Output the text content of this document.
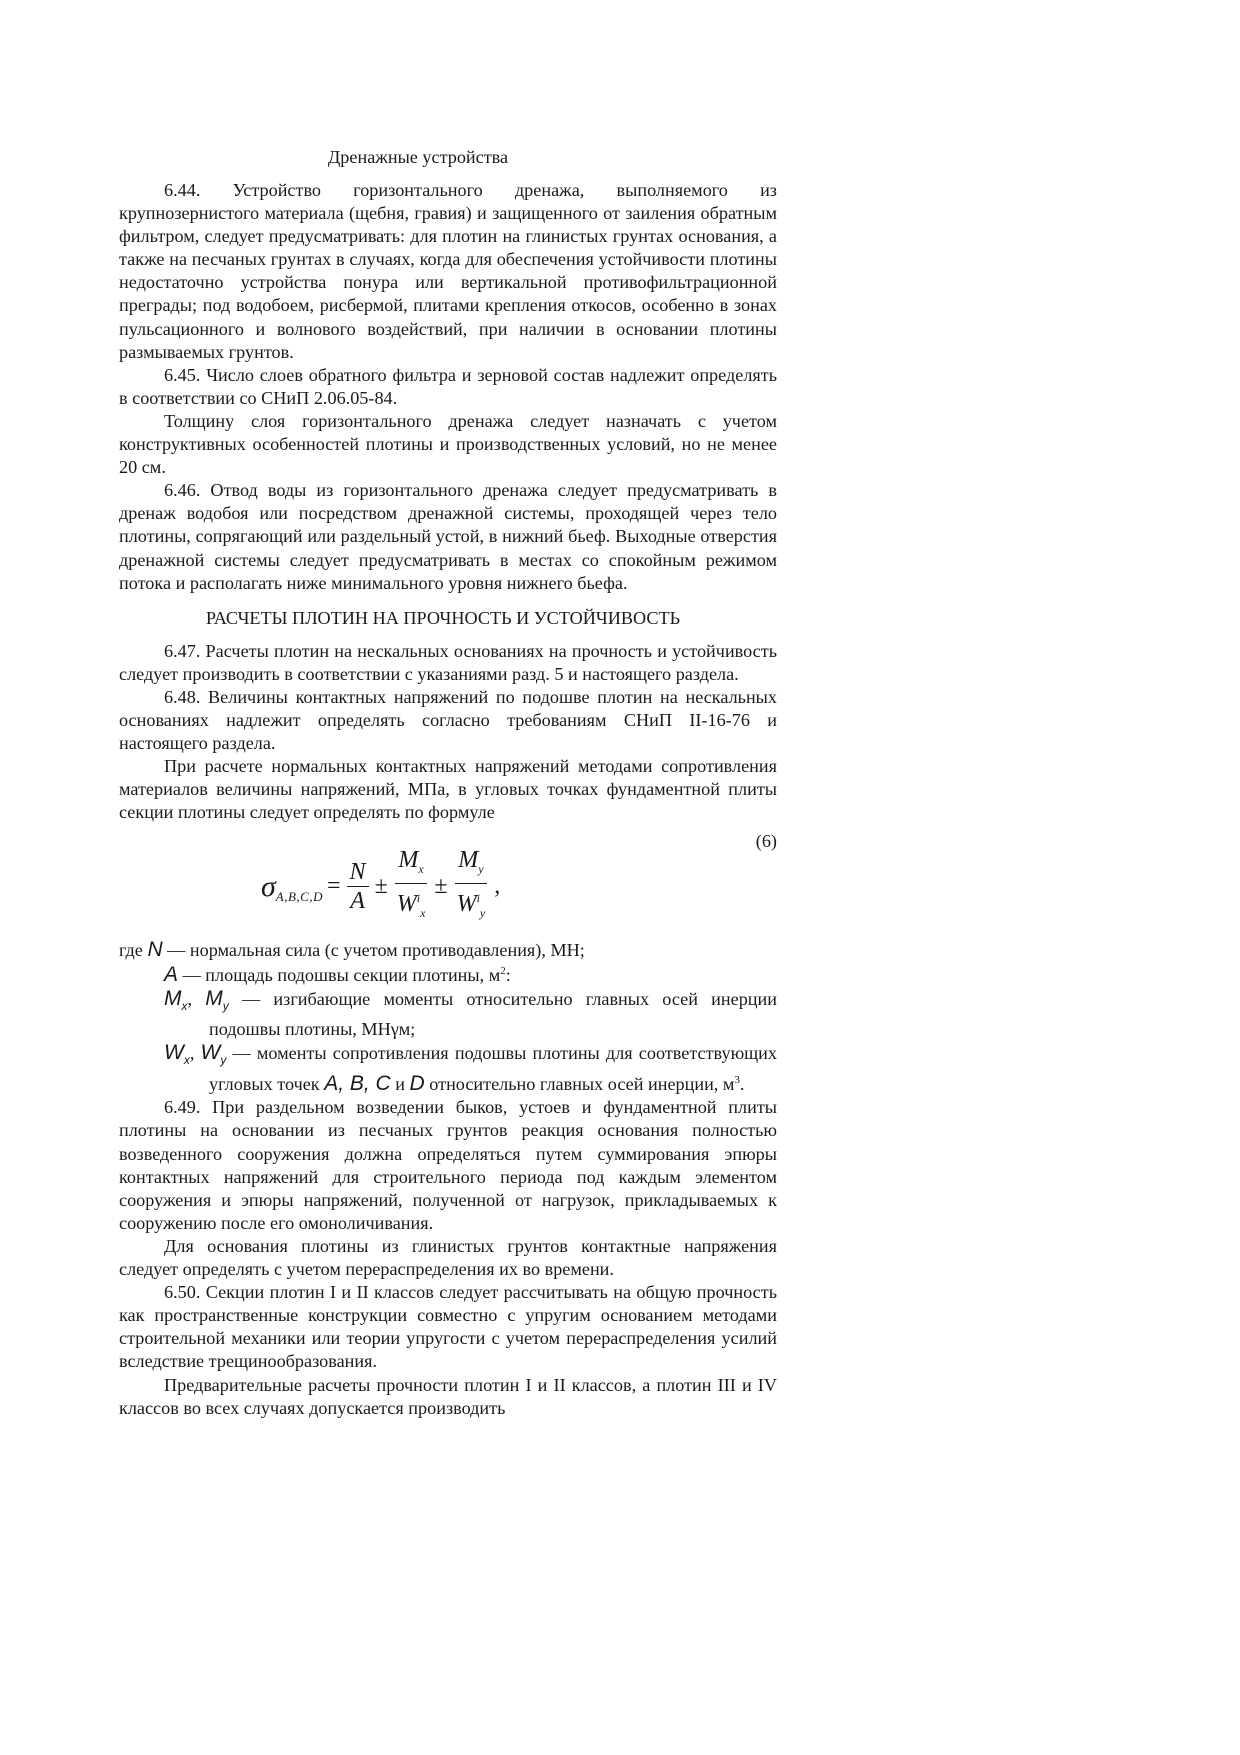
Дренажные устройства

6.44. Устройство горизонтального дренажа, выполняемого из крупнозернистого материала (щебня, гравия) и защищенного от заиления обратным фильтром, следует предусматривать: для плотин на глинистых грунтах основания, а также на песчаных грунтах в случаях, когда для обеспечения устойчивости плотины недостаточно устройства понура или вертикальной противофильтрационной преграды; под водобоем, рисбермой, плитами крепления откосов, особенно в зонах пульсационного и волнового воздействий, при наличии в основании плотины размываемых грунтов.

6.45. Число слоев обратного фильтра и зерновой состав надлежит определять в соответствии со СНиП 2.06.05-84.

Толщину слоя горизонтального дренажа следует назначать с учетом конструктивных особенностей плотины и производственных условий, но не менее 20 см.

6.46. Отвод воды из горизонтального дренажа следует предусматривать в дренаж водобоя или посредством дренажной системы, проходящей через тело плотины, сопрягающий или раздельный устой, в нижний бьеф. Выходные отверстия дренажной системы следует предусматривать в местах со спокойным режимом потока и располагать ниже минимального уровня нижнего бьефа.

РАСЧЕТЫ ПЛОТИН НА ПРОЧНОСТЬ И УСТОЙЧИВОСТЬ

6.47. Расчеты плотин на нескальных основаниях на прочность и устойчивость следует производить в соответствии с указаниями разд. 5 и настоящего раздела.

6.48. Величины контактных напряжений по подошве плотин на нескальных основаниях надлежит определять согласно требованиям СНиП II-16-76 и настоящего раздела.

При расчете нормальных контактных напряжений методами сопротивления материалов величины напряжений, МПа, в угловых точках фундаментной плиты секции плотины следует определять по формуле

(6)
σ $A,B,C,D = \frac{N}{A} \pm \frac{M_x}{W^i_x} \pm \frac{M_y}{W^i_y}$ ,

где N — нормальная сила (с учетом противодавления), МН;

A — площадь подошвы секции плотины, $м^2$:

$M_x$, $M_y$ — изгибающие моменты относительно главных осей инерции подошвы плотины, МНγм;

$W_x$, $W_y$ — моменты сопротивления подошвы плотины для соответствующих угловых точек A, B, C и D относительно главных осей инерции, $м^3$.

6.49. При раздельном возведении быков, устоев и фундаментной плиты плотины на основании из песчаных грунтов реакция основания полностью возведенного сооружения должна определяться путем суммирования эпюры контактных напряжений для строительного периода под каждым элементом сооружения и эпюры напряжений, полученной от нагрузок, прикладываемых к сооружению после его омоноличивания.

Для основания плотины из глинистых грунтов контактные напряжения следует определять с учетом перераспределения их во времени.

6.50. Секции плотин I и II классов следует рассчитывать на общую прочность как пространственные конструкции совместно с упругим основанием методами строительной механики или теории упругости с учетом перераспределения усилий вследствие трещинообразования.

Предварительные расчеты прочности плотин I и II классов, а плотин III и IV классов во всех случаях допускается производить
